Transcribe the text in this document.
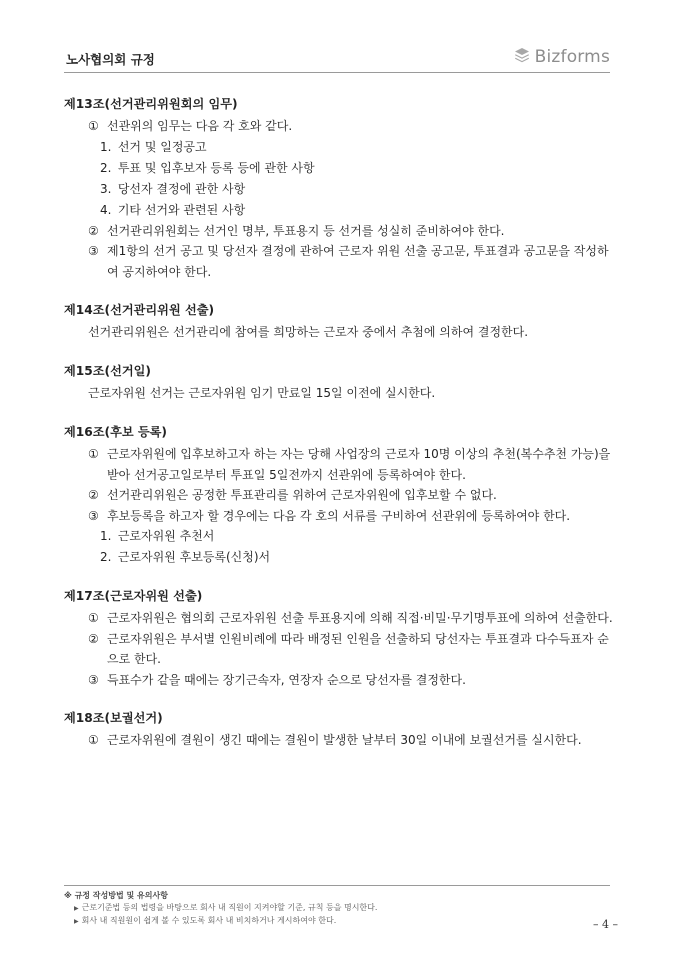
노사협의회 규정	Bizforms
제13조(선거관리위원회의 임무)
① 선관위의 임무는 다음 각 호와 같다.
1. 선거 및 일정공고
2. 투표 및 입후보자 등록 등에 관한 사항
3. 당선자 결정에 관한 사항
4. 기타 선거와 관련된 사항
② 선거관리위원회는 선거인 명부, 투표용지 등 선거를 성실히 준비하여야 한다.
③ 제1항의 선거 공고 및 당선자 결정에 관하여 근로자 위원 선출 공고문, 투표결과 공고문을 작성하여 공지하여야 한다.
제14조(선거관리위원 선출)
선거관리위원은 선거관리에 참여를 희망하는 근로자 중에서 추첨에 의하여 결정한다.
제15조(선거일)
근로자위원 선거는 근로자위원 임기 만료일 15일 이전에 실시한다.
제16조(후보 등록)
① 근로자위원에 입후보하고자 하는 자는 당해 사업장의 근로자 10명 이상의 추천(복수추천 가능)을 받아 선거공고일로부터 투표일 5일전까지 선관위에 등록하여야 한다.
② 선거관리위원은 공정한 투표관리를 위하여 근로자위원에 입후보할 수 없다.
③ 후보등록을 하고자 할 경우에는 다음 각 호의 서류를 구비하여 선관위에 등록하여야 한다.
1. 근로자위원 추천서
2. 근로자위원 후보등록(신청)서
제17조(근로자위원 선출)
① 근로자위원은 협의회 근로자위원 선출 투표용지에 의해 직접·비밀·무기명투표에 의하여 선출한다.
② 근로자위원은 부서별 인원비례에 따라 배정된 인원을 선출하되 당선자는 투표결과 다수득표자 순으로 한다.
③ 득표수가 같을 때에는 장기근속자, 연장자 순으로 당선자를 결정한다.
제18조(보궐선거)
① 근로자위원에 결원이 생긴 때에는 결원이 발생한 날부터 30일 이내에 보궐선거를 실시한다.
※ 규정 작성방법 및 유의사항
▶ 근로기준법 등의 법령을 바탕으로 회사 내 직원이 지켜야할 기준, 규칙 등을 명시한다.
▶ 회사 내 직원원이 쉽게 볼 수 있도록 회사 내 비치하거나 게시하여야 한다.	– 4 –
